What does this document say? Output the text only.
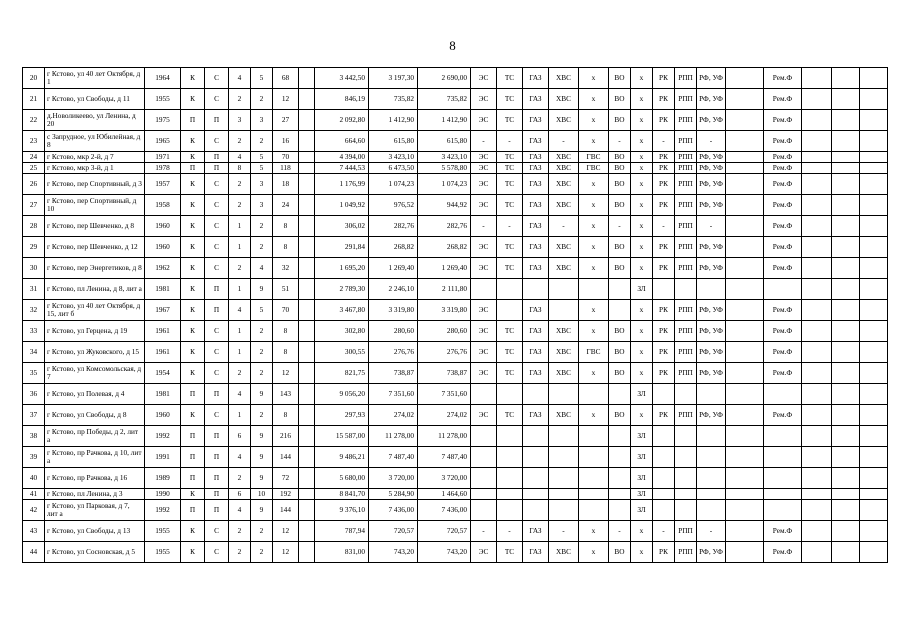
8
20	г Кстово, ул 40 лет Октября, д 1	1964	К	С	4	5	68		3 442,50	3 197,30	2 690,00	ЭС	ТС	ГАЗ	ХВС	х	ВО	х	РК	РПП	РФ, УФ		Рем.Ф			
21	г Кстово, ул Свободы, д 11	1955	К	С	2	2	12		846,19	735,82	735,82	ЭС	ТС	ГАЗ	ХВС	х	ВО	х	РК	РПП	РФ, УФ		Рем.Ф			
22	д.Новоликеево, ул Ленина, д 20	1975	П	П	3	3	27		2 092,80	1 412,90	1 412,90	ЭС	ТС	ГАЗ	ХВС	х	ВО	х	РК	РПП	РФ, УФ		Рем.Ф			
23	с Запрудное, ул Юбилейная, д 8	1965	К	С	2	2	16		664,60	615,80	615,80	-	-	ГАЗ	-	х	-	х	-	РПП	-		Рем.Ф			
24	г Кстово, мкр 2-й, д 7	1971	К	П	4	5	70		4 394,00	3 423,10	3 423,10	ЭС	ТС	ГАЗ	ХВС	ГВС	ВО	х	РК	РПП	РФ, УФ		Рем.Ф			
25	г Кстово, мкр 3-й, д 1	1978	П	П	8	5	118		7 444,53	6 473,50	5 578,80	ЭС	ТС	ГАЗ	ХВС	ГВС	ВО	х	РК	РПП	РФ, УФ		Рем.Ф			
26	г Кстово, пер Спортивный, д 3	1957	К	С	2	3	18		1 176,99	1 074,23	1 074,23	ЭС	ТС	ГАЗ	ХВС	х	ВО	х	РК	РПП	РФ, УФ		Рем.Ф			
27	г Кстово, пер Спортивный, д 10	1958	К	С	2	3	24		1 049,92	976,52	944,92	ЭС	ТС	ГАЗ	ХВС	х	ВО	х	РК	РПП	РФ, УФ		Рем.Ф			
28	г Кстово, пер Шевченко, д 8	1960	К	С	1	2	8		306,02	282,76	282,76	-	-	ГАЗ	-	х	-	х	-	РПП	-		Рем.Ф			
29	г Кстово, пер Шевченко, д 12	1960	К	С	1	2	8		291,84	268,82	268,82	ЭС	ТС	ГАЗ	ХВС	х	ВО	х	РК	РПП	РФ, УФ		Рем.Ф			
30	г Кстово, пер Энергетиков, д 8	1962	К	С	2	4	32		1 695,20	1 269,40	1 269,40	ЭС	ТС	ГАЗ	ХВС	х	ВО	х	РК	РПП	РФ, УФ		Рем.Ф			
31	г Кстово, пл Ленина, д 8, лит а	1981	К	П	1	9	51		2 789,30	2 246,10	2 111,80							ЗЛ								
32	г Кстово, ул 40 лет Октября, д 15, лит б	1967	К	П	4	5	70		3 467,80	3 319,80	3 319,80	ЭС		ГАЗ		х		х	РК	РПП	РФ, УФ		Рем.Ф			
33	г Кстово, ул Герцена, д 19	1961	К	С	1	2	8		302,80	280,60	280,60	ЭС	ТС	ГАЗ	ХВС	х	ВО	х	РК	РПП	РФ, УФ		Рем.Ф			
34	г Кстово, ул Жуковского, д 15	1961	К	С	1	2	8		300,55	276,76	276,76	ЭС	ТС	ГАЗ	ХВС	ГВС	ВО	х	РК	РПП	РФ, УФ		Рем.Ф			
35	г Кстово, ул Комсомольская, д 7	1954	К	С	2	2	12		821,75	738,87	738,87	ЭС	ТС	ГАЗ	ХВС	х	ВО	х	РК	РПП	РФ, УФ		Рем.Ф			
36	г Кстово, ул Полевая, д 4	1981	П	П	4	9	143		9 056,20	7 351,60	7 351,60							ЗЛ								
37	г Кстово, ул Свободы, д 8	1960	К	С	1	2	8		297,93	274,02	274,02	ЭС	ТС	ГАЗ	ХВС	х	ВО	х	РК	РПП	РФ, УФ		Рем.Ф			
38	г Кстово, пр Победы, д 2, лит а	1992	П	П	6	9	216		15 587,00	11 278,00	11 278,00							ЗЛ								
39	г Кстово, пр Рачкова, д 10, лит а	1991	П	П	4	9	144		9 486,21	7 487,40	7 487,40							ЗЛ								
40	г Кстово, пр Рачкова, д 16	1989	П	П	2	9	72		5 680,00	3 720,00	3 720,00							ЗЛ								
41	г Кстово, пл Ленина, д 3	1990	К	П	6	10	192		8 841,70	5 284,90	1 464,60							ЗЛ								
42	г Кстово, ул Парковая, д 7, лит а	1992	П	П	4	9	144		9 376,10	7 436,00	7 436,00							ЗЛ								
43	г Кстово, ул Свободы, д 13	1955	К	С	2	2	12		787,94	720,57	720,57	-	-	ГАЗ	-	х	-	х	-	РПП	-		Рем.Ф			
44	г Кстово, ул Сосновская, д 5	1955	К	С	2	2	12		831,00	743,20	743,20	ЭС	ТС	ГАЗ	ХВС	х	ВО	х	РК	РПП	РФ, УФ		Рем.Ф			
